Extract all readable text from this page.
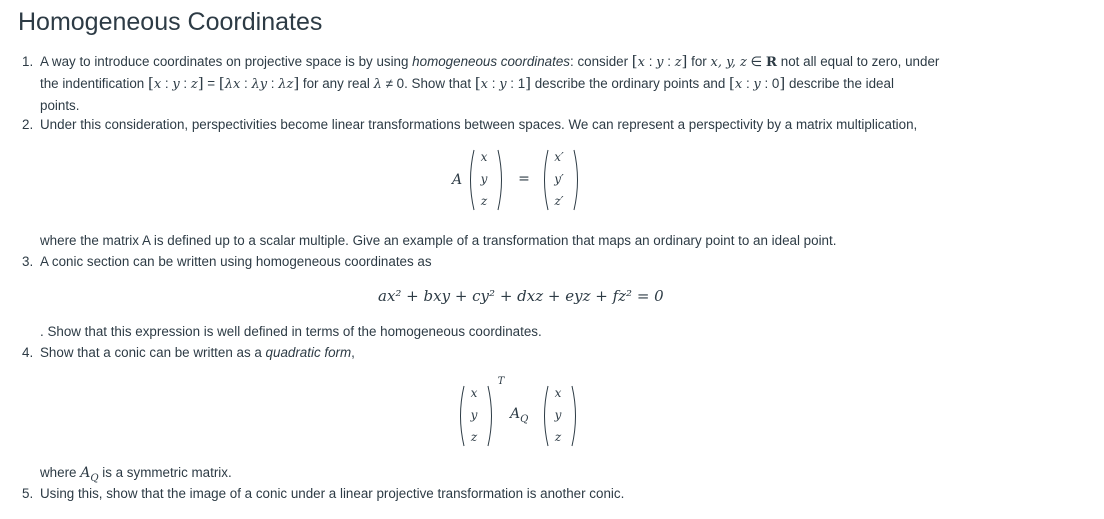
Homogeneous Coordinates
1. A way to introduce coordinates on projective space is by using homogeneous coordinates: consider [x : y : z] for x, y, z ∈ R not all equal to zero, under
the indentification [x : y : z] = [λx : λy : λz] for any real λ ≠ 0. Show that [x : y : 1] describe the ordinary points and [x : y : 0] describe the ideal
points.
2. Under this consideration, perspectivities become linear transformations between spaces. We can represent a perspectivity by a matrix multiplication,
A
x
y
z
=
x′
y′
z′
where the matrix A is defined up to a scalar multiple. Give an example of a transformation that maps an ordinary point to an ideal point.
3. A conic section can be written using homogeneous coordinates as
ax² + bxy + cy² + dxz + eyz + fz² = 0
. Show that this expression is well defined in terms of the homogeneous coordinates.
4. Show that a conic can be written as a quadratic form,
x
y
z
T
$A_Q$
x
y
z
where $A_Q$ is a symmetric matrix.
5. Using this, show that the image of a conic under a linear projective transformation is another conic.
